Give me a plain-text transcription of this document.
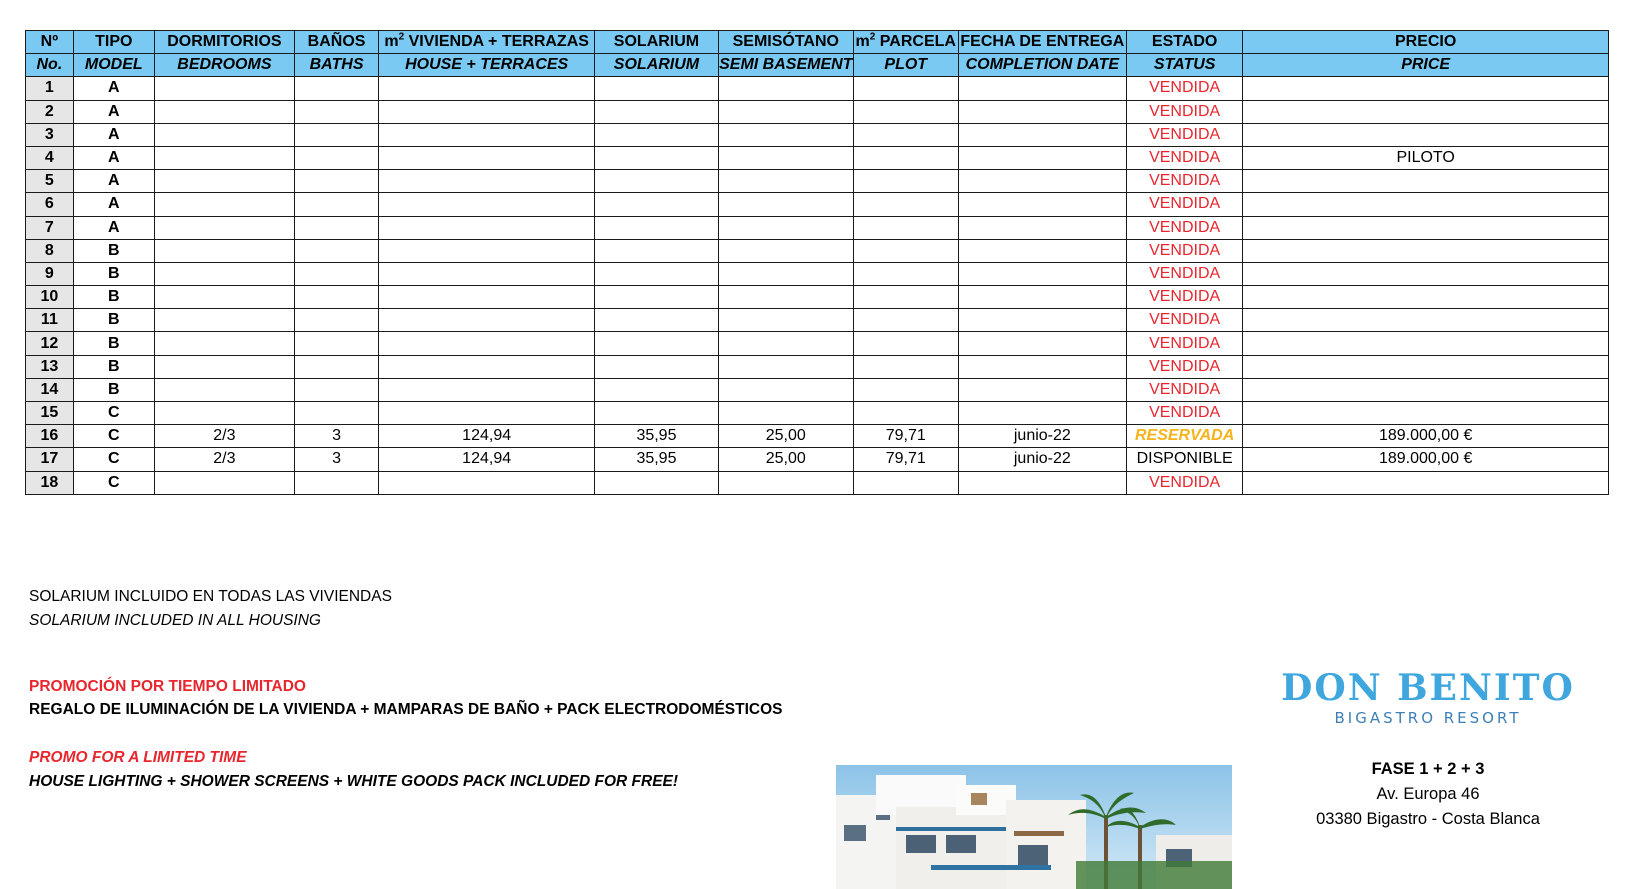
Nº	TIPO	DORMITORIOS	BAÑOS	$m^2$ VIVIENDA + TERRAZAS	SOLARIUM	SEMISÓTANO	$m^2$ PARCELA	FECHA DE ENTREGA	ESTADO	PRECIO
No.	MODEL	BEDROOMS	BATHS	HOUSE + TERRACES	SOLARIUM	SEMI BASEMENT	PLOT	COMPLETION DATE	STATUS	PRICE
1	A								VENDIDA	
2	A								VENDIDA	
3	A								VENDIDA	
4	A								VENDIDA	PILOTO
5	A								VENDIDA	
6	A								VENDIDA	
7	A								VENDIDA	
8	B								VENDIDA	
9	B								VENDIDA	
10	B								VENDIDA	
11	B								VENDIDA	
12	B								VENDIDA	
13	B								VENDIDA	
14	B								VENDIDA	
15	C								VENDIDA	
16	C	2/3	3	124,94	35,95	25,00	79,71	junio-22	RESERVADA	189.000,00 €
17	C	2/3	3	124,94	35,95	25,00	79,71	junio-22	DISPONIBLE	189.000,00 €
18	C								VENDIDA	
SOLARIUM INCLUIDO EN TODAS LAS VIVIENDAS
SOLARIUM INCLUDED IN ALL HOUSING
PROMOCIÓN POR TIEMPO LIMITADO
REGALO DE ILUMINACIÓN DE LA VIVIENDA + MAMPARAS DE BAÑO + PACK ELECTRODOMÉSTICOS
PROMO FOR A LIMITED TIME
HOUSE LIGHTING + SHOWER SCREENS + WHITE GOODS PACK INCLUDED FOR FREE!
DON BENITO
BIGASTRO RESORT
FASE 1 + 2 + 3
Av. Europa 46
03380 Bigastro - Costa Blanca
